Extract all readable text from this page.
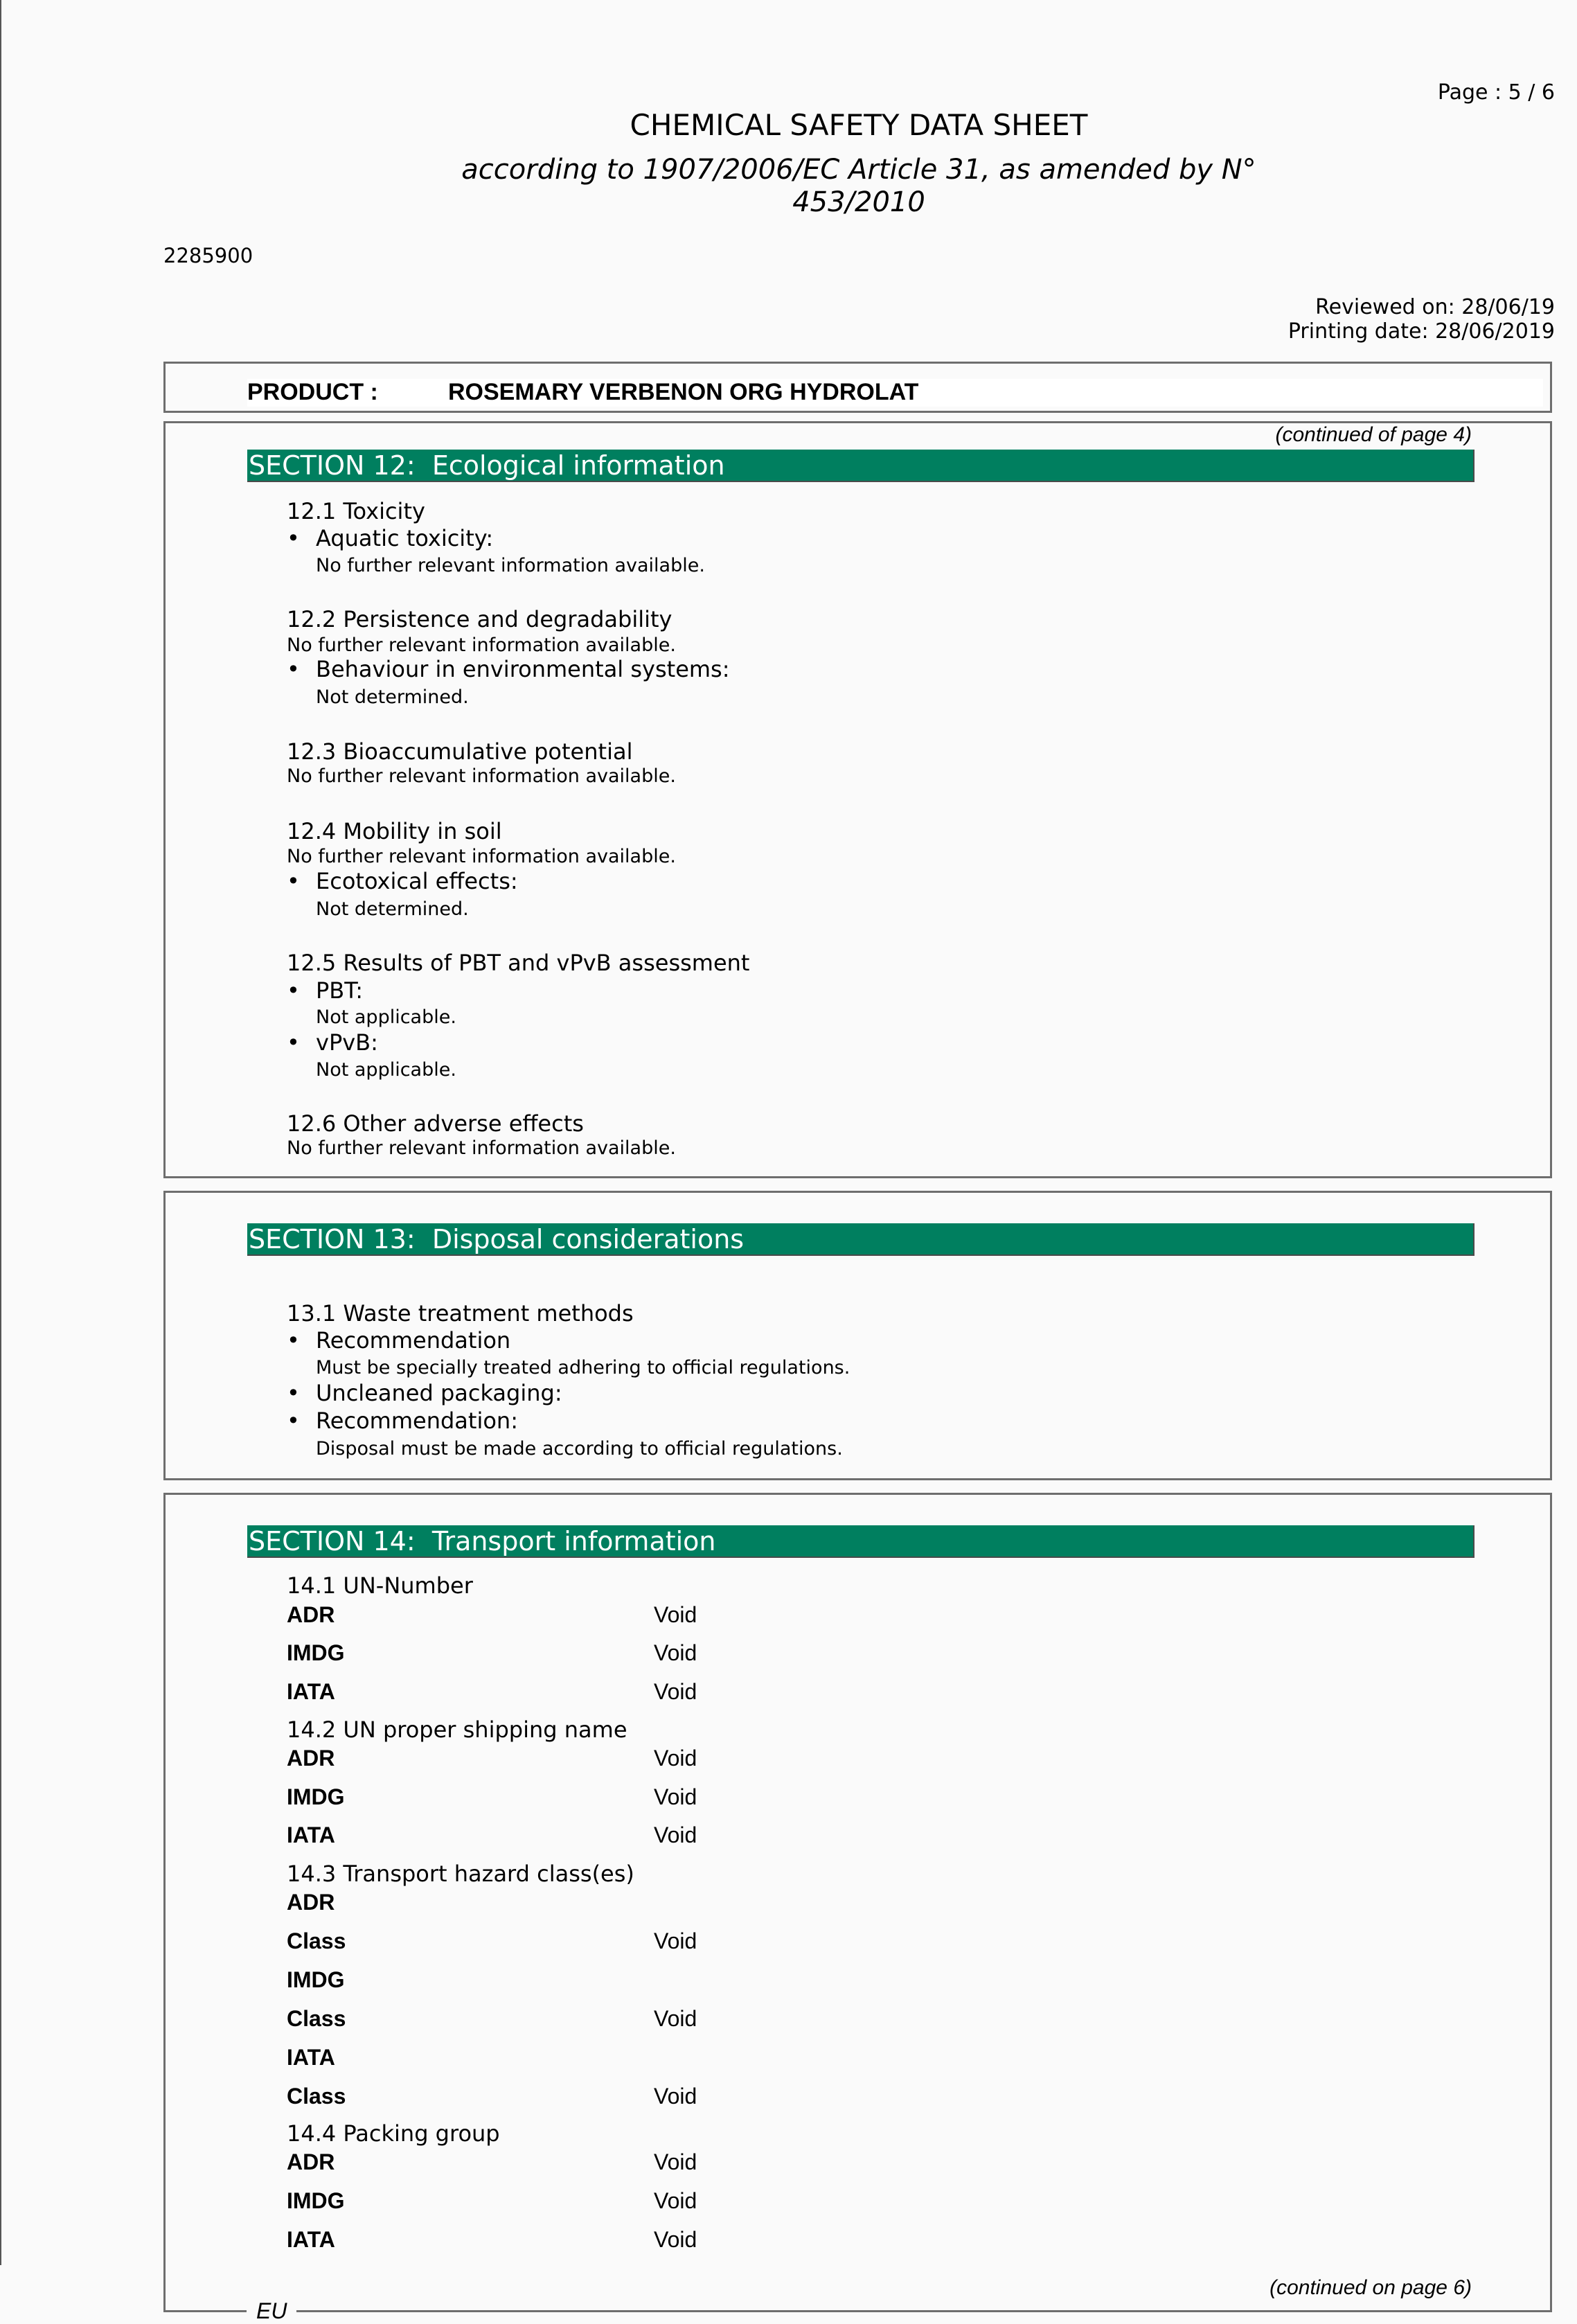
Page : 5 / 6
CHEMICAL SAFETY DATA SHEET
according to 1907/2006/EC Article 31, as amended by N°
453/2010
2285900
Reviewed on: 28/06/19
Printing date: 28/06/2019
PRODUCT :	ROSEMARY VERBENON ORG HYDROLAT
(continued of page 4)
SECTION 12:  Ecological information
12.1 Toxicity
• Aquatic toxicity:
No further relevant information available.
12.2 Persistence and degradability
No further relevant information available.
• Behaviour in environmental systems:
Not determined.
12.3 Bioaccumulative potential
No further relevant information available.
12.4 Mobility in soil
No further relevant information available.
• Ecotoxical effects:
Not determined.
12.5 Results of PBT and vPvB assessment
• PBT:
Not applicable.
• vPvB:
Not applicable.
12.6 Other adverse effects
No further relevant information available.
SECTION 13:  Disposal considerations
13.1 Waste treatment methods
• Recommendation
Must be specially treated adhering to official regulations.
• Uncleaned packaging:
• Recommendation:
Disposal must be made according to official regulations.
SECTION 14:  Transport information
14.1 UN-Number
ADR	Void
IMDG	Void
IATA	Void
14.2 UN proper shipping name
ADR	Void
IMDG	Void
IATA	Void
14.3 Transport hazard class(es)
ADR
Class	Void
IMDG
Class	Void
IATA
Class	Void
14.4 Packing group
ADR	Void
IMDG	Void
IATA	Void
(continued on page 6)
EU
